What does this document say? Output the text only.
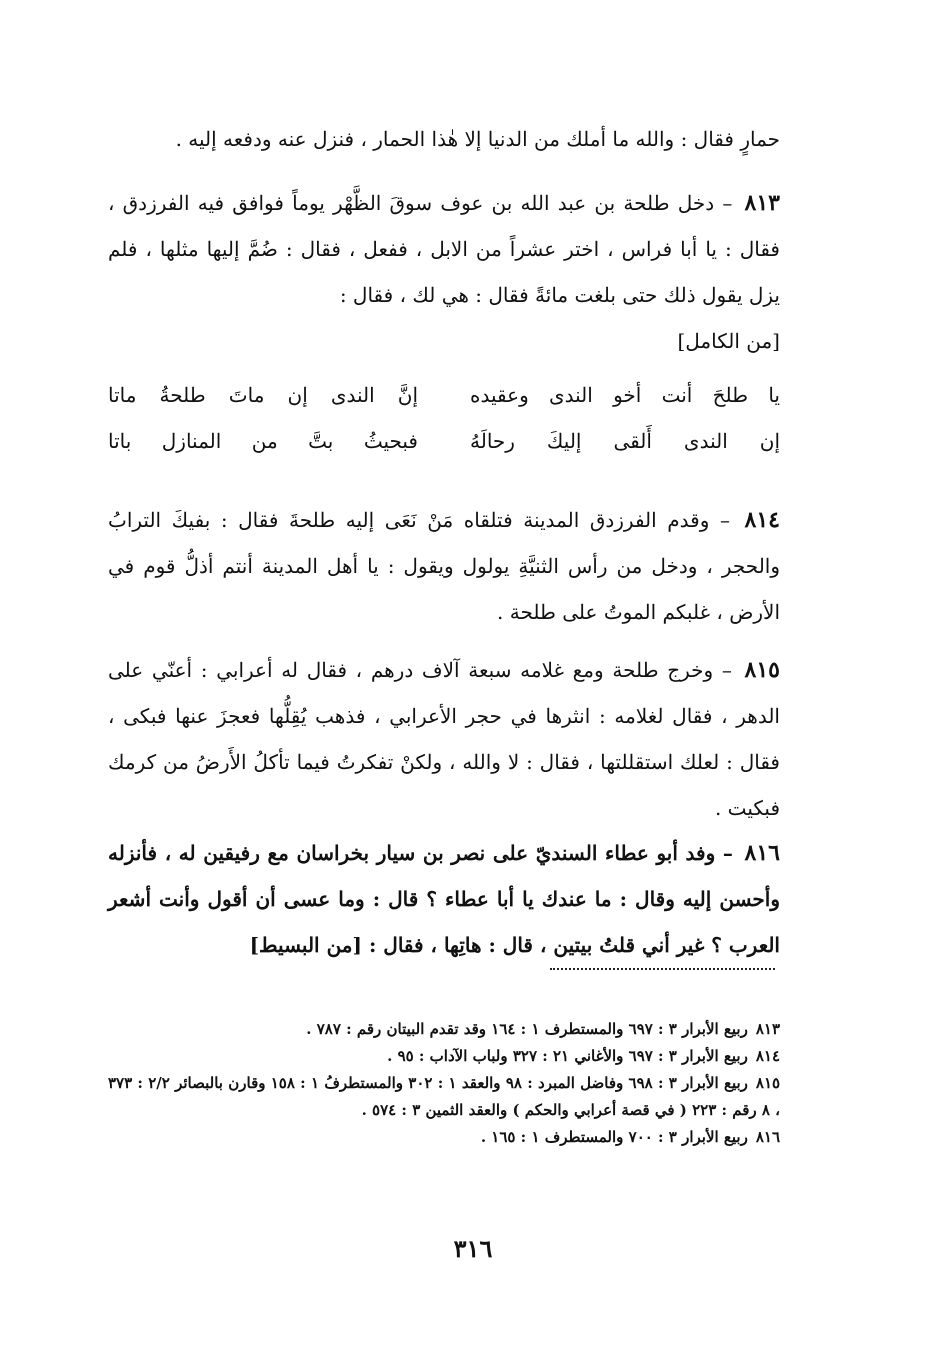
حمارٍ فقال : والله ما أملك من الدنيا إلا هٰذا الحمار ، فنزل عنه ودفعه إليه .

٨١٣ – دخل طلحة بن عبد الله بن عوف سوقَ الظَّهْر يوماً فوافق فيه الفرزدق ، فقال : يا أبا فراس ، اختر عشراً من الابل ، ففعل ، فقال : ضُمَّ إليها مثلها ، فلم يزل يقول ذلك حتى بلغت مائةً فقال : هي لك ، فقال :
[من الكامل]

يا طلحَ أنت أخو الندى وعقيده
إنَّ الندى إن ماتَ طلحةُ ماتا
إن الندى أَلقى إليكَ رحالَهُ
فبحيثُ بتَّ من المنازل باتا

٨١٤ – وقدم الفرزدق المدينة فتلقاه مَنْ نَعَى إليه طلحةَ فقال : بفيكَ الترابُ والحجر ، ودخل من رأس الثنيَّةِ يولول ويقول : يا أهل المدينة أنتم أذلُّ قوم في الأرض ، غلبكم الموتُ على طلحة .

٨١٥ – وخرج طلحة ومع غلامه سبعة آلاف درهم ، فقال له أعرابي : أعنّي على الدهر ، فقال لغلامه : انثرها في حجر الأعرابي ، فذهب يُقِلُّها فعجزَ عنها فبكى ، فقال : لعلك استقللتها ، فقال : لا والله ، ولكنْ تفكرتُ فيما تأكلُ الأَرضُ من كرمك فبكيت .

٨١٦ – وفد أبو عطاء السنديّ على نصر بن سيار بخراسان مع رفيقين له ، فأنزله وأحسن إليه وقال : ما عندك يا أبا عطاء ؟ قال : وما عسى أن أقول وأنت أشعر العرب ؟ غير أني قلتُ بيتين ، قال : هاتِها ، فقال : [من البسيط]

٨١٣ربيع الأبرار ٣ : ٦٩٧ والمستطرف ١ : ١٦٤ وقد تقدم البيتان رقم : ٧٨٧ .

٨١٤ربيع الأبرار ٣ : ٦٩٧ والأغاني ٢١ : ٣٢٧ ولباب الآداب : ٩٥ .

٨١٥ربيع الأبرار ٣ : ٦٩٨ وفاضل المبرد : ٩٨ والعقد ١ : ٣٠٢ والمستطرفُ ١ : ١٥٨ وقارن بالبصائر ٢/٢ : ٣٧٣ ، ٨ رقم : ٢٢٣ ( في قصة أعرابي والحكم ) والعقد الثمين ٣ : ٥٧٤ .

٨١٦ربيع الأبرار ٣ : ٧٠٠ والمستطرف ١ : ١٦٥ .

٣١٦
